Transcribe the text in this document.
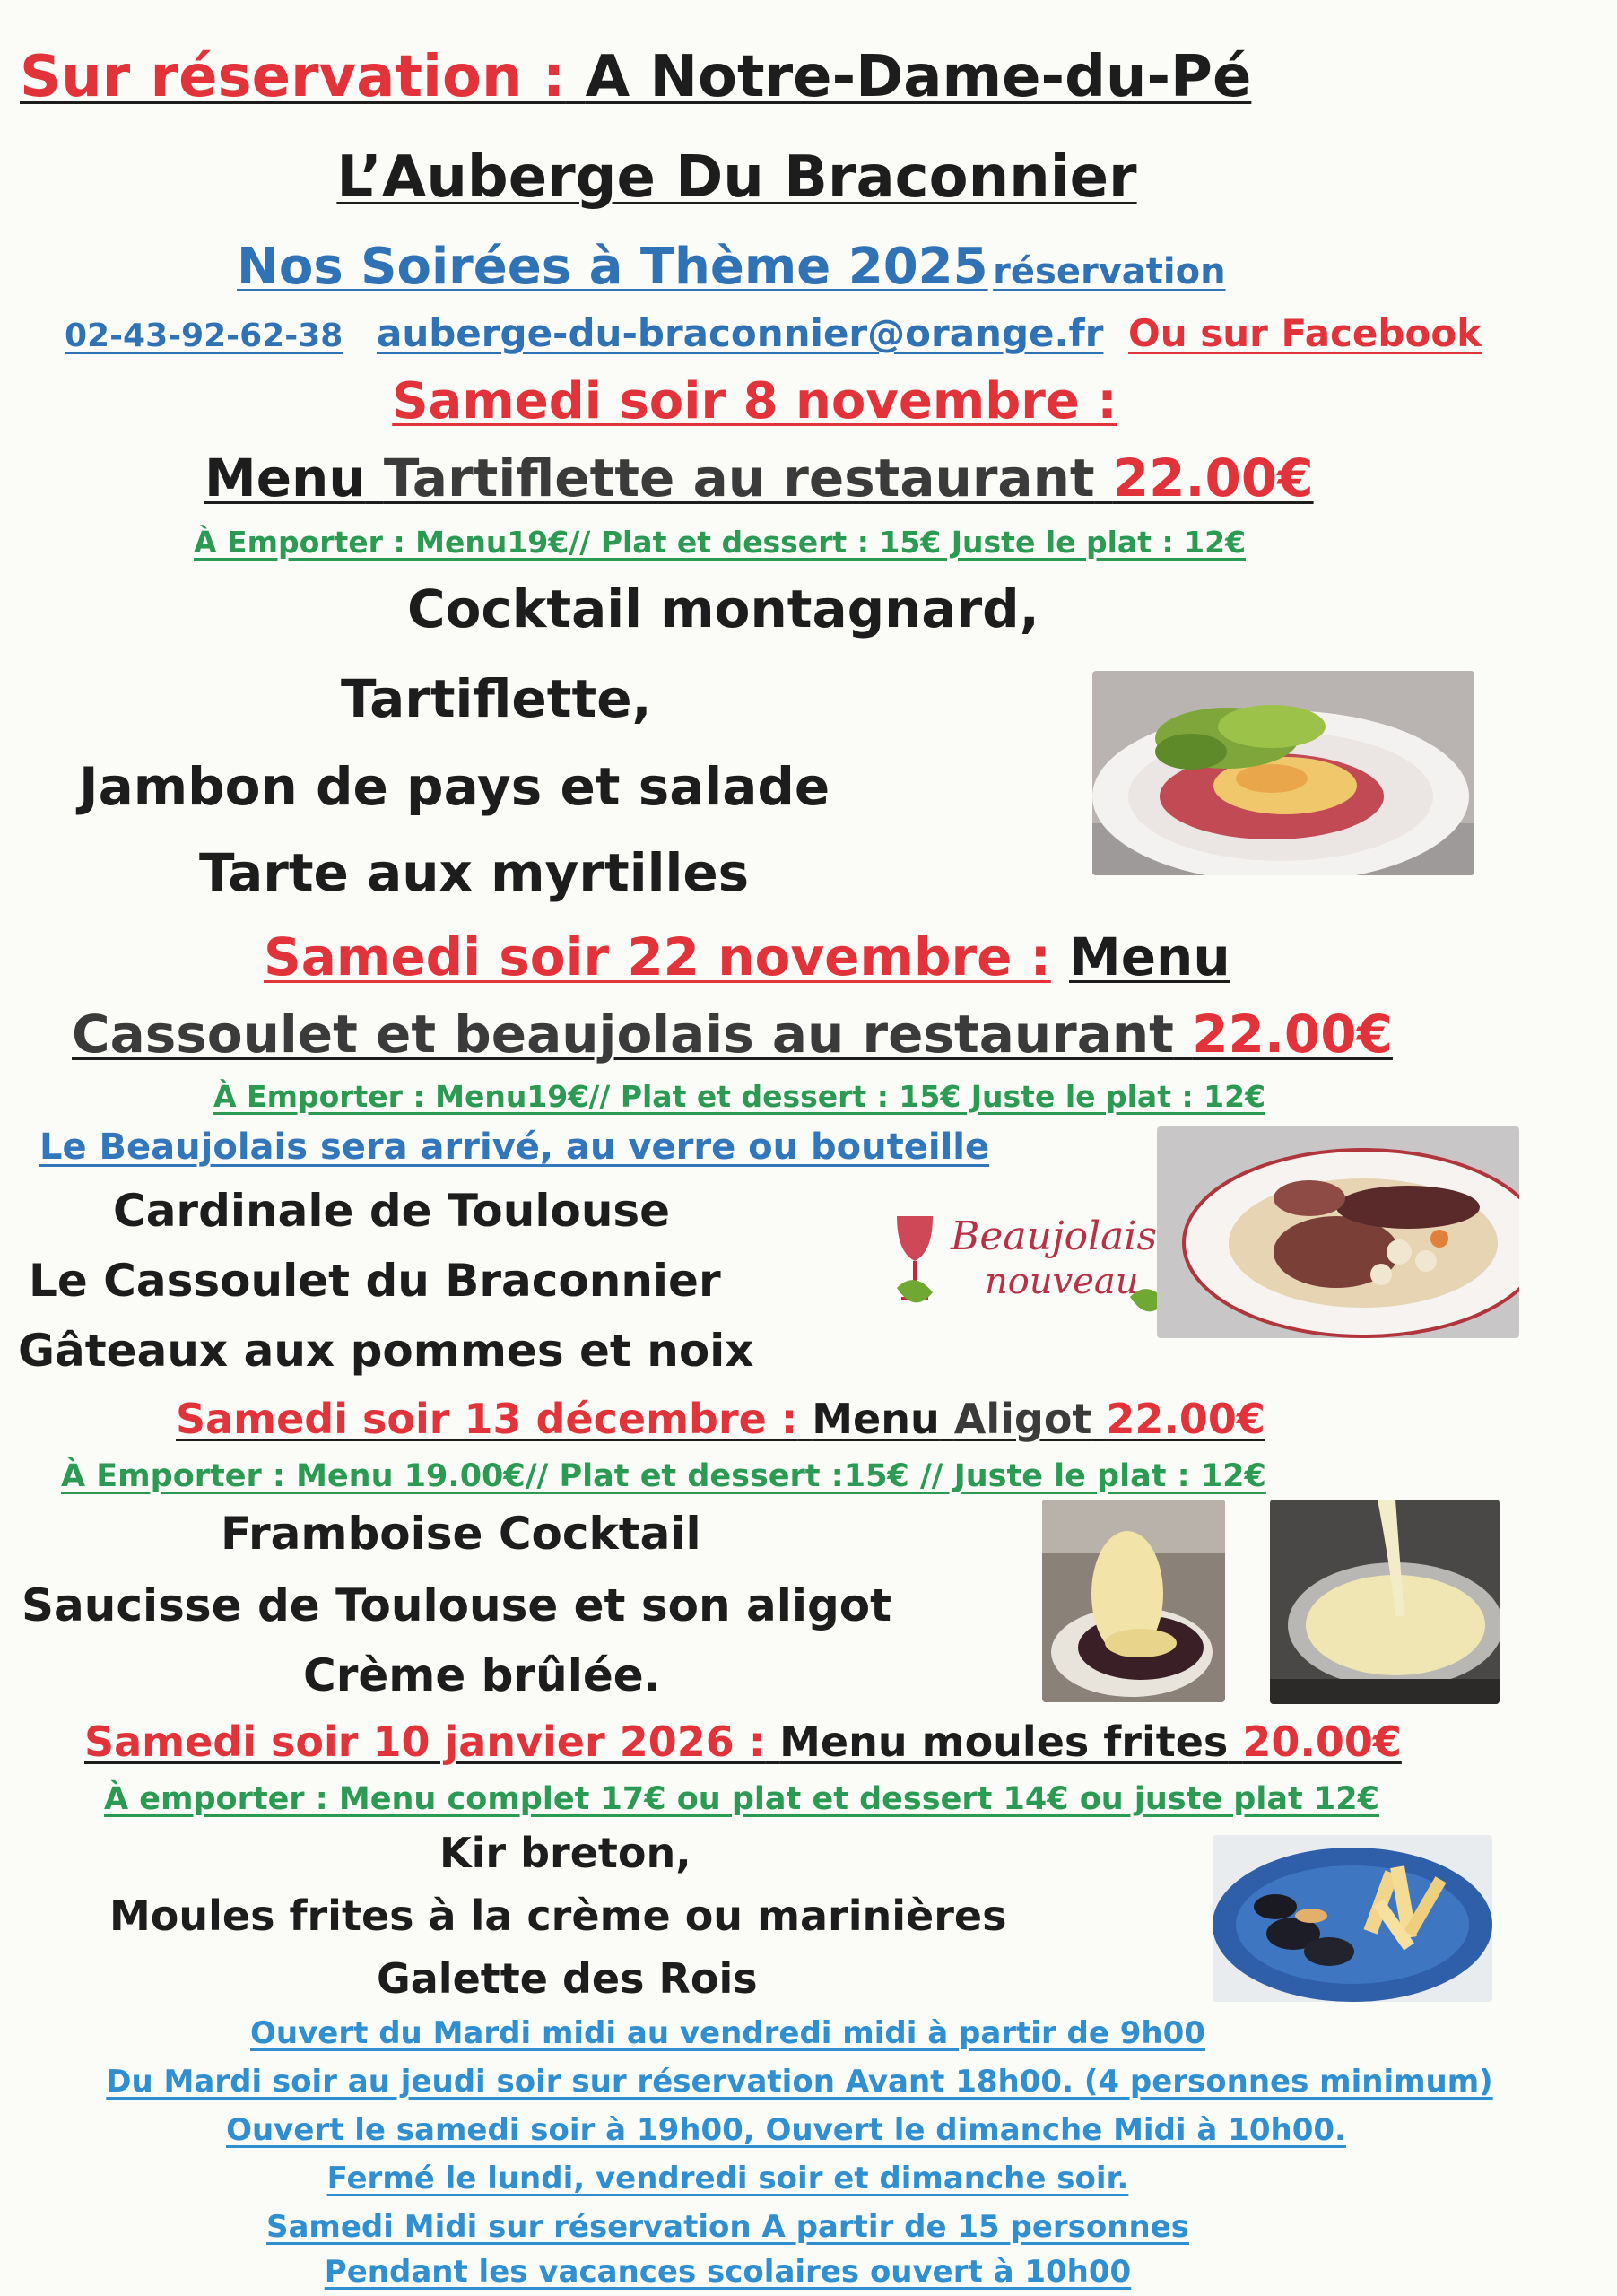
Sur réservation : A Notre-Dame-du-Pé
L’Auberge Du Braconnier
Nos Soirées à Thème 2025 réservation
02-43-92-62-38 auberge-du-braconnier@orange.fr Ou sur Facebook
Samedi soir 8 novembre :
Menu Tartiflette au restaurant 22.00€
À Emporter : Menu19€// Plat et dessert : 15€ Juste le plat : 12€
Cocktail montagnard,
Tartiflette,
Jambon de pays et salade
Tarte aux myrtilles
Samedi soir 22 novembre : Menu
Cassoulet et beaujolais au restaurant 22.00€
À Emporter : Menu19€// Plat et dessert : 15€ Juste le plat : 12€
Le Beaujolais sera arrivé, au verre ou bouteille
Cardinale de Toulouse
Le Cassoulet du Braconnier
Gâteaux aux pommes et noix
Beaujolais
nouveau
Samedi soir 13 décembre : Menu Aligot 22.00€
À Emporter : Menu 19.00€// Plat et dessert :15€ // Juste le plat : 12€
Framboise Cocktail
Saucisse de Toulouse et son aligot
Crème brûlée.
Samedi soir 10 janvier 2026 : Menu moules frites 20.00€
À emporter : Menu complet 17€ ou plat et dessert 14€ ou juste plat 12€
Kir breton,
Moules frites à la crème ou marinières
Galette des Rois
Ouvert du Mardi midi au vendredi midi à partir de 9h00
Du Mardi soir au jeudi soir sur réservation Avant 18h00. (4 personnes minimum)
Ouvert le samedi soir à 19h00, Ouvert le dimanche Midi à 10h00.
Fermé le lundi, vendredi soir et dimanche soir.
Samedi Midi sur réservation A partir de 15 personnes
Pendant les vacances scolaires ouvert à 10h00
